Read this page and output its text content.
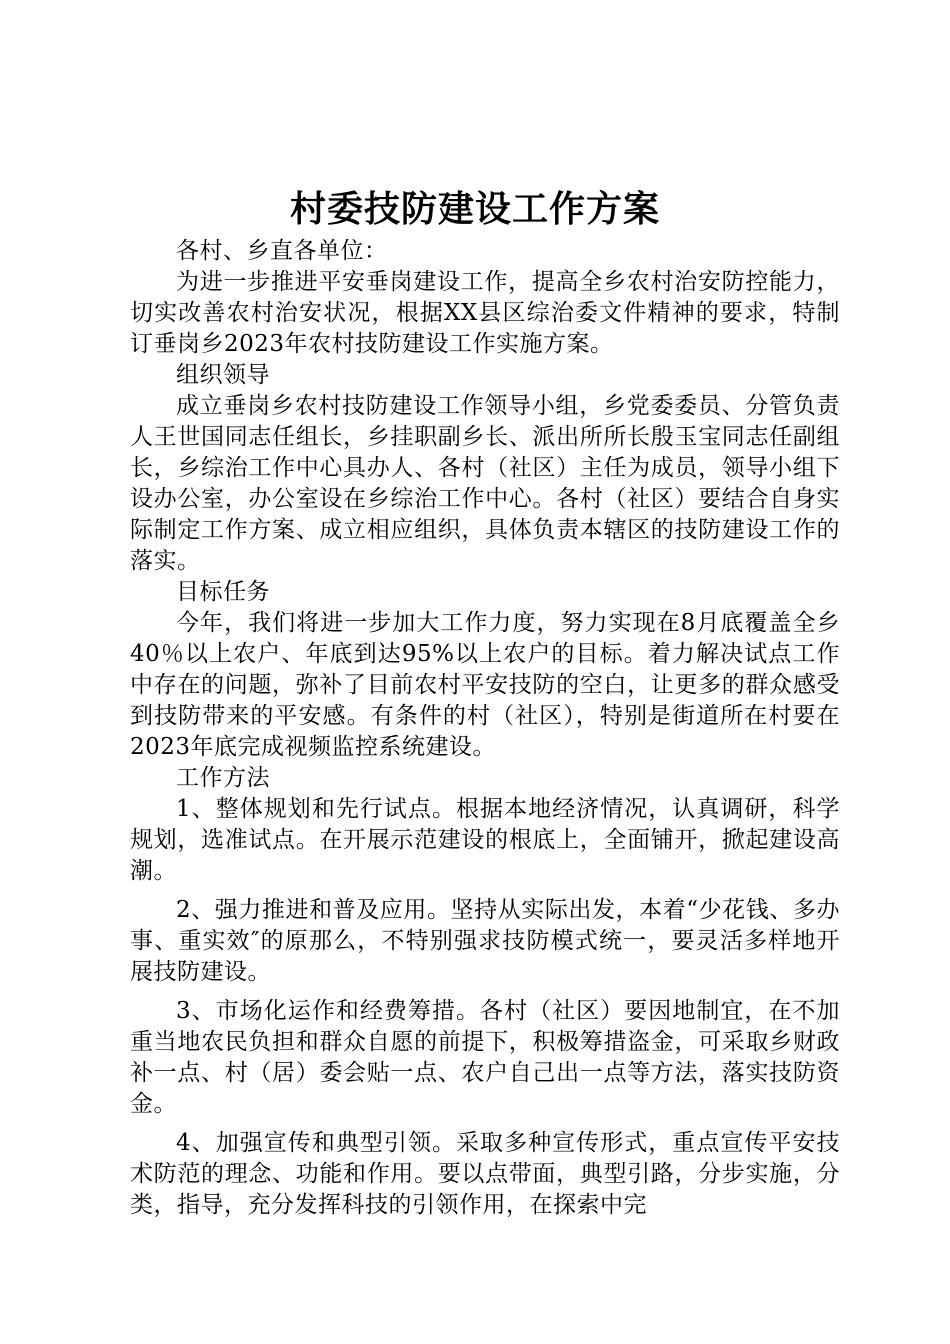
村委技防建设工作方案

各村、乡直各单位：

为进一步推进平安垂岗建设工作，提高全乡农村治安防控能力，切实改善农村治安状况，根据XX县区综治委文件精神的要求，特制订垂岗乡2023年农村技防建设工作实施方案。

组织领导

成立垂岗乡农村技防建设工作领导小组，乡党委委员、分管负责人王世国同志任组长，乡挂职副乡长、派出所所长殷玉宝同志任副组长，乡综治工作中心具办人、各村（社区）主任为成员，领导小组下设办公室，办公室设在乡综治工作中心。各村（社区）要结合自身实际制定工作方案、成立相应组织，具体负责本辖区的技防建设工作的落实。

目标任务

今年，我们将进一步加大工作力度，努力实现在8月底覆盖全乡40％以上农户、年底到达95%以上农户的目标。着力解决试点工作中存在的问题，弥补了目前农村平安技防的空白，让更多的群众感受到技防带来的平安感。有条件的村（社区），特别是街道所在村要在2023年底完成视频监控系统建设。

工作方法

1、整体规划和先行试点。根据本地经济情况，认真调研，科学规划，选准试点。在开展示范建设的根底上，全面铺开，掀起建设高潮。

2、强力推进和普及应用。坚持从实际出发，本着“少花钱、多办事、重实效″的原那么，不特别强求技防模式统一，要灵活多样地开展技防建设。

3、市场化运作和经费筹措。各村（社区）要因地制宜，在不加重当地农民负担和群众自愿的前提下，积极筹措盗金，可采取乡财政补一点、村（居）委会贴一点、农户自己出一点等方法，落实技防资金。

4、加强宣传和典型引领。采取多种宣传形式，重点宣传平安技术防范的理念、功能和作用。要以点带面，典型引路，分步实施，分类，指导，充分发挥科技的引领作用，在探索中完
